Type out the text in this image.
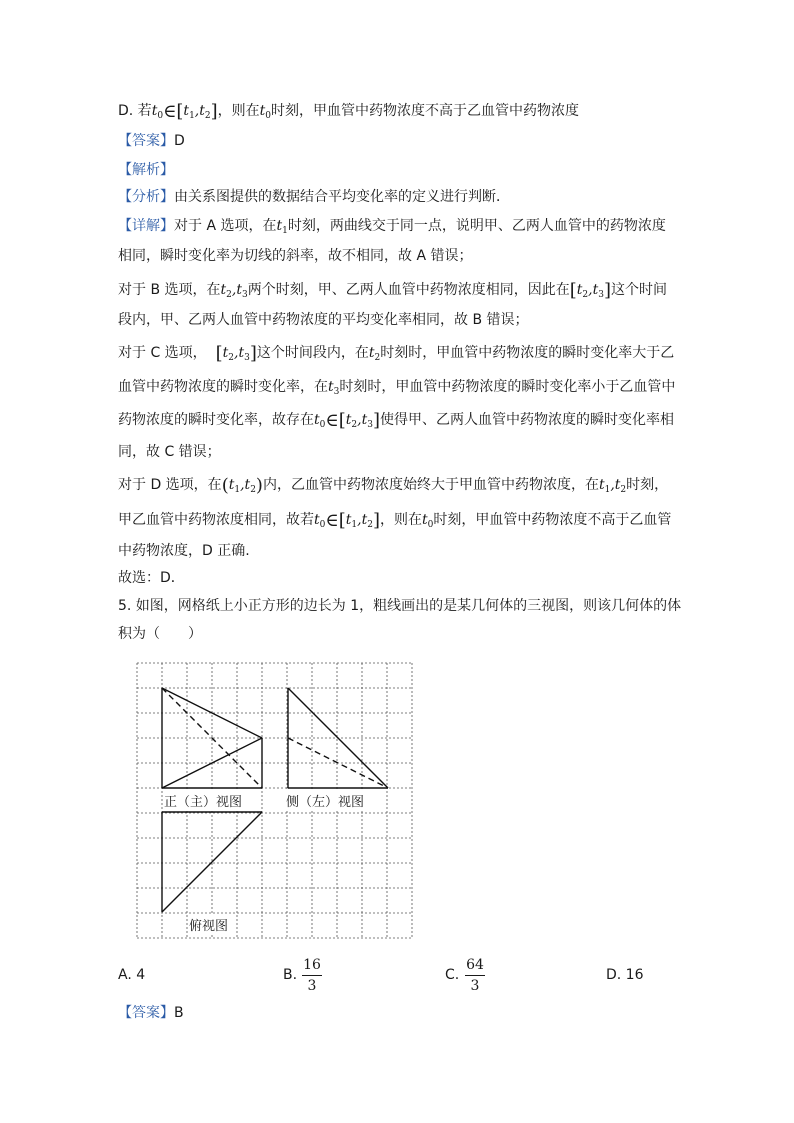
D. 若$t_0\in[t_1,t_2]$，则在$t_0$时刻，甲血管中药物浓度不高于乙血管中药物浓度
【答案】D
【解析】
【分析】由关系图提供的数据结合平均变化率的定义进行判断．
【详解】对于 A 选项，在$t_1$时刻，两曲线交于同一点，说明甲、乙两人血管中的药物浓度
相同，瞬时变化率为切线的斜率，故不相同，故 A 错误；
对于 B 选项，在$t_2,t_3$两个时刻，甲、乙两人血管中药物浓度相同，因此在$[t_2,t_3]$这个时间
段内，甲、乙两人血管中药物浓度的平均变化率相同，故 B 错误；
对于 C 选项， $[t_2,t_3]$这个时间段内，在$t_2$时刻时，甲血管中药物浓度的瞬时变化率大于乙
血管中药物浓度的瞬时变化率，在$t_3$时刻时，甲血管中药物浓度的瞬时变化率小于乙血管中
药物浓度的瞬时变化率，故存在$t_0\in[t_2,t_3]$使得甲、乙两人血管中药物浓度的瞬时变化率相
同，故 C 错误；
对于 D 选项，在$(t_1,t_2)$内，乙血管中药物浓度始终大于甲血管中药物浓度，在$t_1,t_2$时刻，
甲乙血管中药物浓度相同，故若$t_0\in[t_1,t_2]$，则在$t_0$时刻，甲血管中药物浓度不高于乙血管
中药物浓度，D 正确.
故选：D．
5. 如图，网格纸上小正方形的边长为 1，粗线画出的是某几何体的三视图，则该几何体的体
积为（　　）
正（主）视图	侧（左）视图
俯视图
A. 4	B.
16
3
C.
64
3
D. 16
【答案】B
